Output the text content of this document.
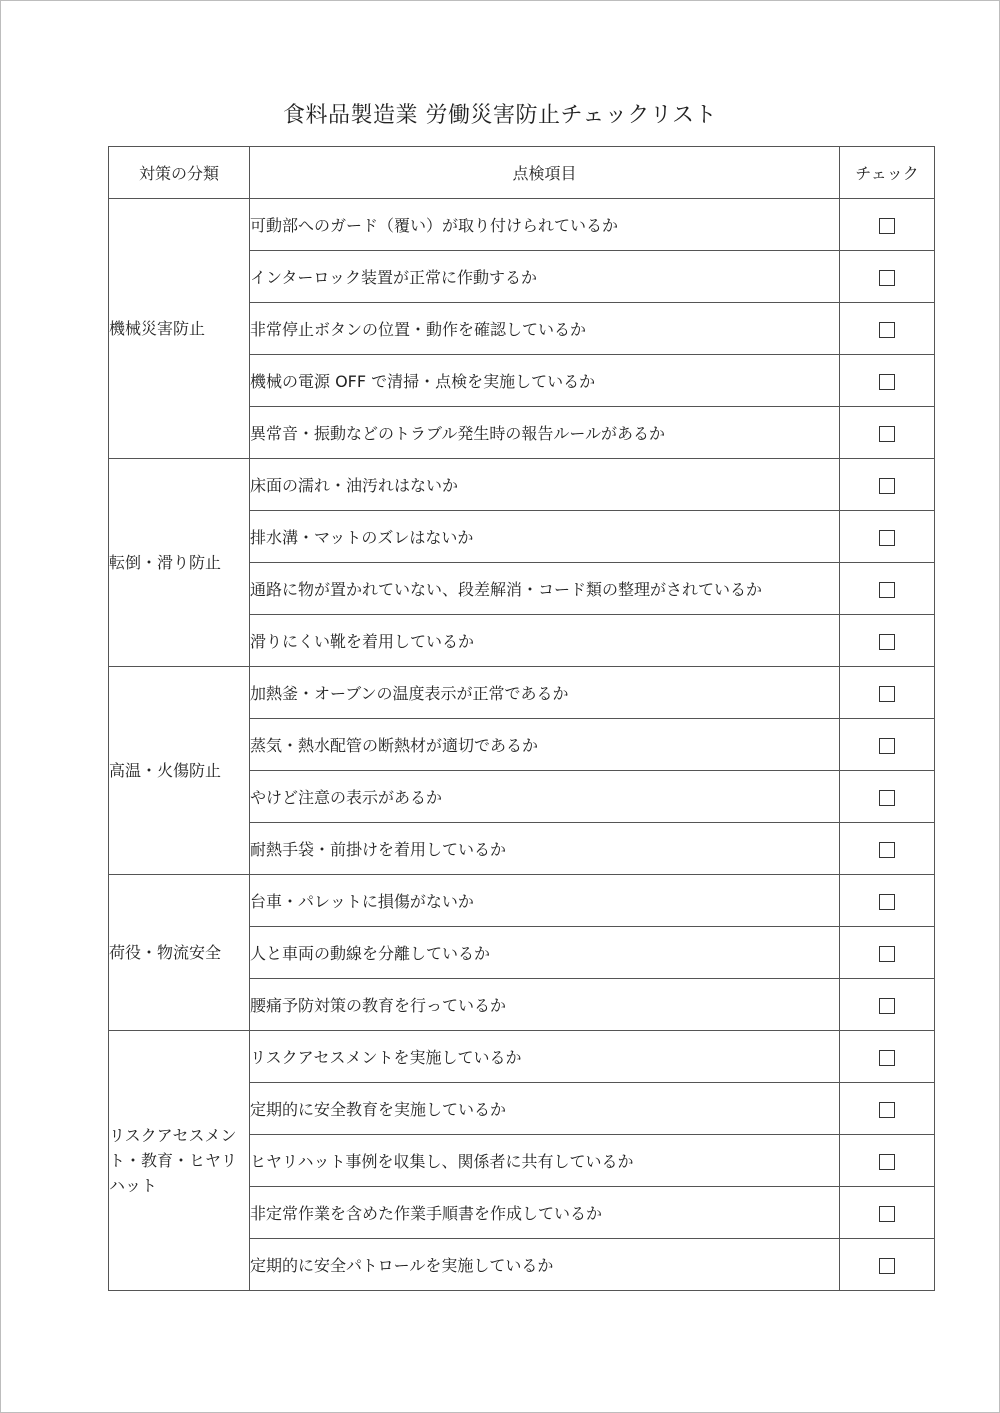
食料品製造業 労働災害防止チェックリスト
対策の分類	点検項目	チェック
機械災害防止	可動部へのガード（覆い）が取り付けられているか	
	インターロック装置が正常に作動するか	
	非常停止ボタンの位置・動作を確認しているか	
	機械の電源 OFF で清掃・点検を実施しているか	
	異常音・振動などのトラブル発生時の報告ルールがあるか	
転倒・滑り防止	床面の濡れ・油汚れはないか	
	排水溝・マットのズレはないか	
	通路に物が置かれていない、段差解消・コード類の整理がされているか	
	滑りにくい靴を着用しているか	
高温・火傷防止	加熱釜・オーブンの温度表示が正常であるか	
	蒸気・熱水配管の断熱材が適切であるか	
	やけど注意の表示があるか	
	耐熱手袋・前掛けを着用しているか	
荷役・物流安全	台車・パレットに損傷がないか	
	人と車両の動線を分離しているか	
	腰痛予防対策の教育を行っているか	
リスクアセスメント・教育・ヒヤリハット	リスクアセスメントを実施しているか	
	定期的に安全教育を実施しているか	
	ヒヤリハット事例を収集し、関係者に共有しているか	
	非定常作業を含めた作業手順書を作成しているか	
	定期的に安全パトロールを実施しているか	
